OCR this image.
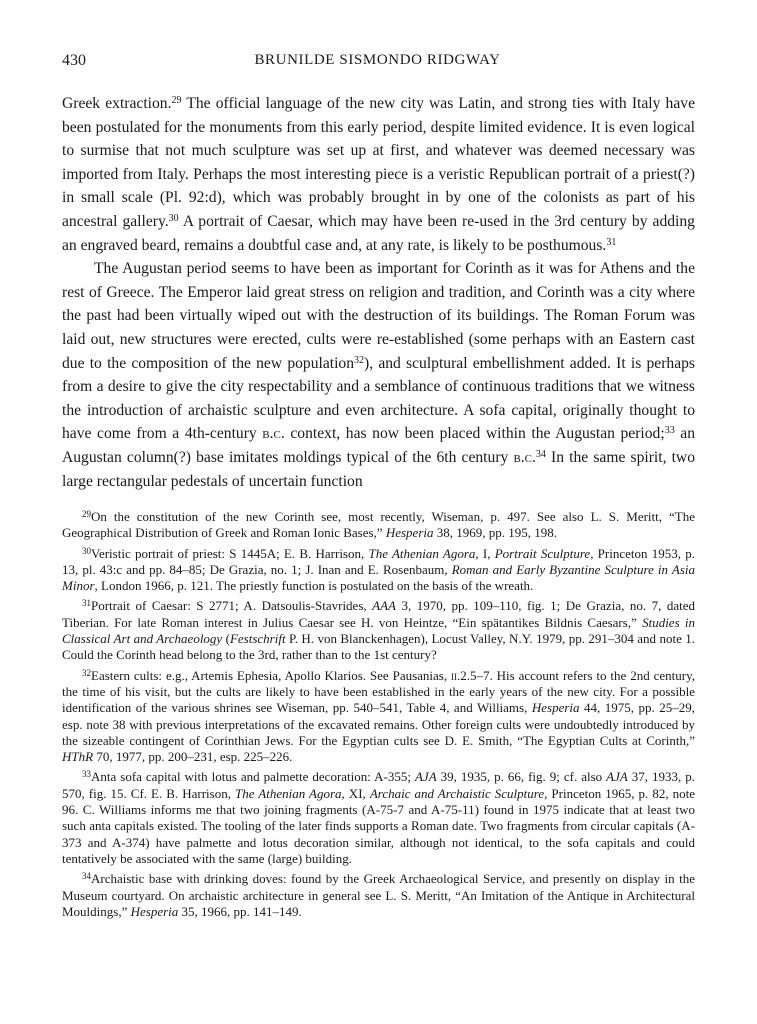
430	BRUNILDE SISMONDO RIDGWAY

Greek extraction.$^{29}$ The official language of the new city was Latin, and strong ties with Italy have been postulated for the monuments from this early period, despite limited evidence. It is even logical to surmise that not much sculpture was set up at first, and whatever was deemed necessary was imported from Italy. Perhaps the most interesting piece is a veristic Republican portrait of a priest(?) in small scale (Pl. 92:d), which was probably brought in by one of the colonists as part of his ancestral gallery.$^{30}$ A portrait of Caesar, which may have been re-used in the 3rd century by adding an engraved beard, remains a doubtful case and, at any rate, is likely to be posthumous.$^{31}$

The Augustan period seems to have been as important for Corinth as it was for Athens and the rest of Greece. The Emperor laid great stress on religion and tradition, and Corinth was a city where the past had been virtually wiped out with the destruction of its buildings. The Roman Forum was laid out, new structures were erected, cults were re-established (some perhaps with an Eastern cast due to the composition of the new population$^{32}$), and sculptural embellishment added. It is perhaps from a desire to give the city respectability and a semblance of continuous traditions that we witness the introduction of archaistic sculpture and even architecture. A sofa capital, originally thought to have come from a 4th-century b.c. context, has now been placed within the Augustan period;$^{33}$ an Augustan column(?) base imitates moldings typical of the 6th century b.c.$^{34}$ In the same spirit, two large rectangular pedestals of uncertain function

$^{29}$On the constitution of the new Corinth see, most recently, Wiseman, p. 497. See also L. S. Meritt, “The Geographical Distribution of Greek and Roman Ionic Bases,” Hesperia 38, 1969, pp. 195, 198.

$^{30}$Veristic portrait of priest: S 1445A; E. B. Harrison, The Athenian Agora, I, Portrait Sculpture, Princeton 1953, p. 13, pl. 43:c and pp. 84–85; De Grazia, no. 1; J. Inan and E. Rosenbaum, Roman and Early Byzantine Sculpture in Asia Minor, London 1966, p. 121. The priestly function is postulated on the basis of the wreath.

$^{31}$Portrait of Caesar: S 2771; A. Datsoulis-Stavrides, AAA 3, 1970, pp. 109–110, fig. 1; De Grazia, no. 7, dated Tiberian. For late Roman interest in Julius Caesar see H. von Heintze, “Ein spätantikes Bildnis Caesars,” Studies in Classical Art and Archaeology (Festschrift P. H. von Blanckenhagen), Locust Valley, N.Y. 1979, pp. 291–304 and note 1. Could the Corinth head belong to the 3rd, rather than to the 1st century?

$^{32}$Eastern cults: e.g., Artemis Ephesia, Apollo Klarios. See Pausanias, ii.2.5–7. His account refers to the 2nd century, the time of his visit, but the cults are likely to have been established in the early years of the new city. For a possible identification of the various shrines see Wiseman, pp. 540–541, Table 4, and Williams, Hesperia 44, 1975, pp. 25–29, esp. note 38 with previous interpretations of the excavated remains. Other foreign cults were undoubtedly introduced by the sizeable contingent of Corinthian Jews. For the Egyptian cults see D. E. Smith, “The Egyptian Cults at Corinth,” HThR 70, 1977, pp. 200–231, esp. 225–226.

$^{33}$Anta sofa capital with lotus and palmette decoration: A-355; AJA 39, 1935, p. 66, fig. 9; cf. also AJA 37, 1933, p. 570, fig. 15. Cf. E. B. Harrison, The Athenian Agora, XI, Archaic and Archaistic Sculpture, Princeton 1965, p. 82, note 96. C. Williams informs me that two joining fragments (A-75-7 and A-75-11) found in 1975 indicate that at least two such anta capitals existed. The tooling of the later finds supports a Roman date. Two fragments from circular capitals (A-373 and A-374) have palmette and lotus decoration similar, although not identical, to the sofa capitals and could tentatively be associated with the same (large) building.

$^{34}$Archaistic base with drinking doves: found by the Greek Archaeological Service, and presently on display in the Museum courtyard. On archaistic architecture in general see L. S. Meritt, “An Imitation of the Antique in Architectural Mouldings,” Hesperia 35, 1966, pp. 141–149.
